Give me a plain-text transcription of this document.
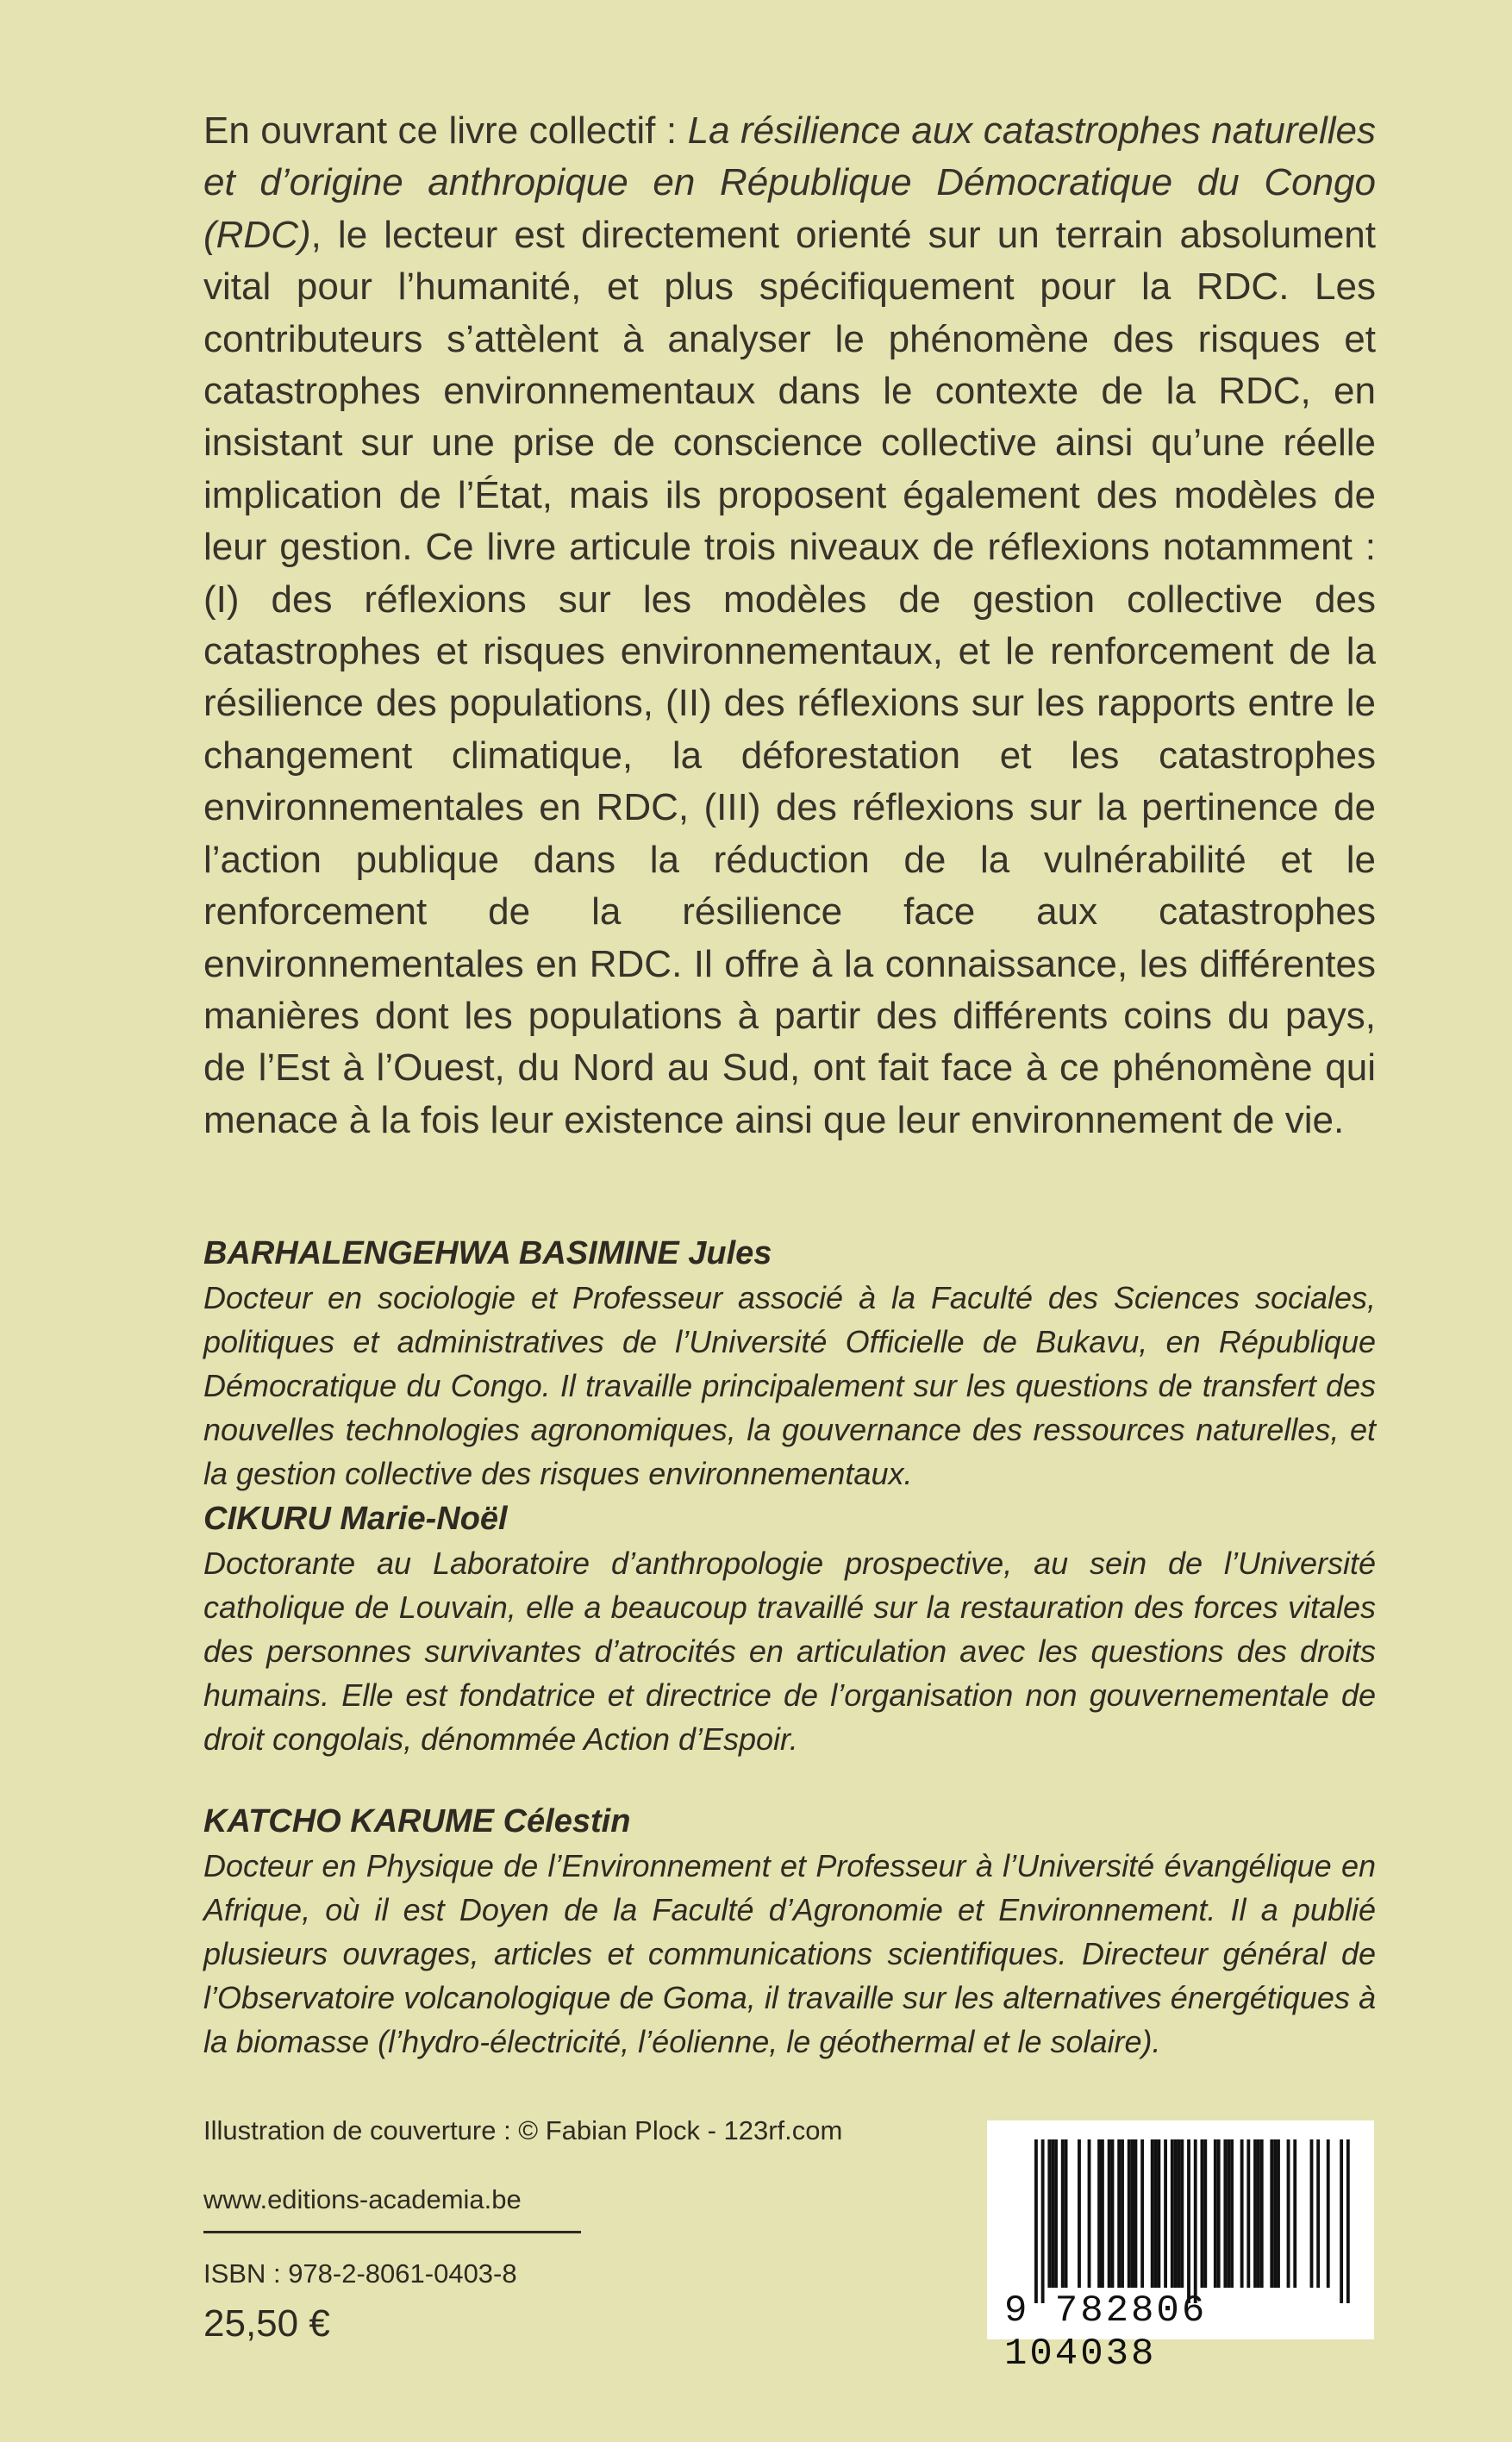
En ouvrant ce livre collectif : La résilience aux catastrophes naturelles et d’origine anthropique en République Démocratique du Congo (RDC), le lecteur est directement orienté sur un terrain absolument vital pour l’humanité, et plus spécifiquement pour la RDC. Les contributeurs s’attèlent à analyser le phénomène des risques et catastrophes environnementaux dans le contexte de la RDC, en insistant sur une prise de conscience collective ainsi qu’une réelle implication de l’État, mais ils proposent également des modèles de leur gestion. Ce livre articule trois niveaux de réflexions notamment : (I) des réflexions sur les modèles de gestion collective des catastrophes et risques environnementaux, et le renforcement de la résilience des populations, (II) des réflexions sur les rapports entre le changement climatique, la déforestation et les catastrophes environnementales en RDC, (III) des réflexions sur la pertinence de l’action publique dans la réduction de la vulnérabilité et le renforcement de la résilience face aux catastrophes environnementales en RDC. Il offre à la connaissance, les différentes manières dont les populations à partir des différents coins du pays, de l’Est à l’Ouest, du Nord au Sud, ont fait face à ce phénomène qui menace à la fois leur existence ainsi que leur environnement de vie.

BARHALENGEHWA BASIMINE Jules

Docteur en sociologie et Professeur associé à la Faculté des Sciences sociales, politiques et administratives de l’Université Officielle de Bukavu, en République Démocratique du Congo. Il travaille principalement sur les questions de transfert des nouvelles technologies agronomiques, la gouvernance des ressources naturelles, et la gestion collective des risques environnementaux.

CIKURU Marie-Noël

Doctorante au Laboratoire d’anthropologie prospective, au sein de l’Université catholique de Louvain, elle a beaucoup travaillé sur la restauration des forces vitales des personnes survivantes d’atrocités en articulation avec les questions des droits humains. Elle est fondatrice et directrice de l’organisation non gouvernementale de droit congolais, dénommée Action d’Espoir.

KATCHO KARUME Célestin

Docteur en Physique de l’Environnement et Professeur à l’Université évangélique en Afrique, où il est Doyen de la Faculté d’Agronomie et Environnement. Il a publié plusieurs ouvrages, articles et communications scientifiques. Directeur général de l’Observatoire volcanologique de Goma, il travaille sur les alternatives énergétiques à la biomasse (l’hydro-électricité, l’éolienne, le géothermal et le solaire).

Illustration de couverture : © Fabian Plock - 123rf.com
www.editions-academia.be
ISBN : 978-2-8061-0403-8
25,50 €	9 782806 104038
